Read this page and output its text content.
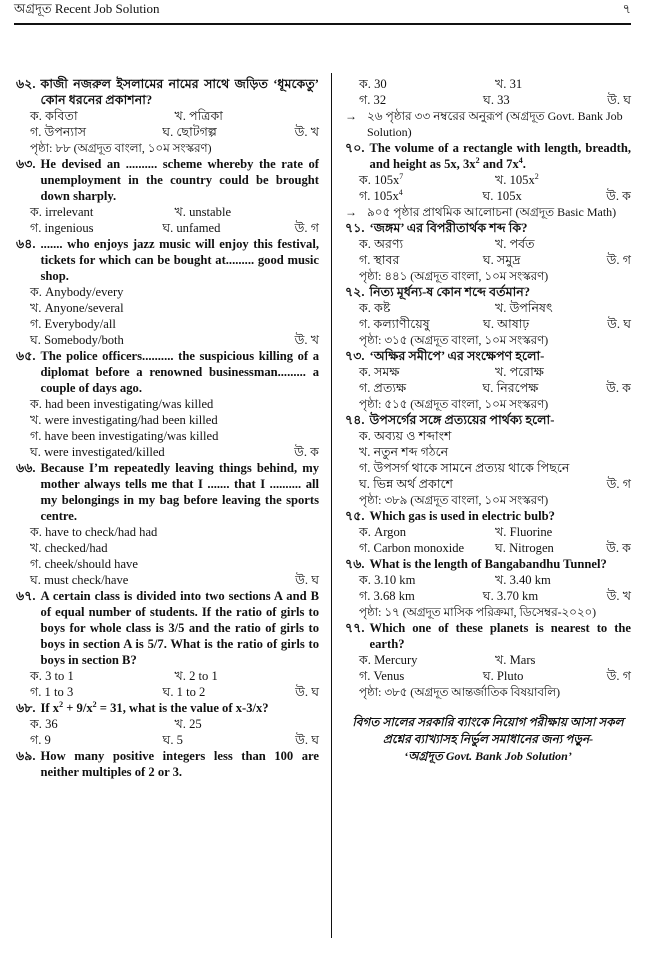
অগ্রদূত Recent Job Solution	৭
৬২. কাজী নজরুল ইসলামের নামের সাথে জড়িত ‘ধূমকেতু’ কোন ধরনের প্রকাশনা?
ক. কবিতা	খ. পত্রিকা
গ. উপন্যাস	ঘ. ছোটগল্প	উ. খ
পৃষ্ঠা: ৮৮ (অগ্রদূত বাংলা, ১০ম সংস্করণ)
৬৩. He devised an .......... scheme whereby the rate of unemployment in the country could be brought down sharply.
ক. irrelevant	খ. unstable
গ. ingenious	ঘ. unfamed	উ. গ
৬৪. ....... who enjoys jazz music will enjoy this festival, tickets for which can be bought at......... good music shop.
ক. Anybody/every
খ. Anyone/several
গ. Everybody/all
ঘ. Somebody/both	উ. খ
৬৫. The police officers.......... the suspicious killing of a diplomat before a renowned businessman......... a couple of days ago.
ক. had been investigating/was killed
খ. were investigating/had been killed
গ. have been investigating/was killed
ঘ. were investigated/killed	উ. ক
৬৬. Because I’m repeatedly leaving things behind, my mother always tells me that I ....... that I .......... all my belongings in my bag before leaving the sports centre.
ক. have to check/had had
খ. checked/had
গ. cheek/should have
ঘ. must check/have	উ. ঘ
৬৭. A certain class is divided into two sections A and B of equal number of students. If the ratio of girls to boys for whole class is 3/5 and the ratio of girls to boys in section A is 5/7. What is the ratio of girls to boys in section B?
ক. 3 to 1	খ. 2 to 1
গ. 1 to 3	ঘ. 1 to 2	উ. ঘ
৬৮. If $x^2 + 9/x^2 = 31$, what is the value of x-3/x?
ক. 36	খ. 25
গ. 9	ঘ. 5	উ. ঘ
৬৯. How many positive integers less than 100 are neither multiples of 2 or 3.
ক. 30	খ. 31
গ. 32	ঘ. 33	উ. ঘ
→ ২৬ পৃষ্ঠার ৩৩ নম্বরের অনুরূপ (অগ্রদূত Govt. Bank Job Solution)
৭০. The volume of a rectangle with length, breadth, and height as 5x, $3x^2$ and $7x^4$.
ক. $105x^7$	খ. $105x^2$
গ. $105x^4$	ঘ. 105x	উ. ক
→ ৯০৫ পৃষ্ঠার প্রাথমিক আলোচনা (অগ্রদূত Basic Math)
৭১. ‘জঙ্গম’ এর বিপরীতার্থক শব্দ কি?
ক. অরণ্য	খ. পর্বত
গ. স্থাবর	ঘ. সমুদ্র	উ. গ
পৃষ্ঠা: ৪৪১ (অগ্রদূত বাংলা, ১০ম সংস্করণ)
৭২. নিত্য মূর্ধন্য-ষ কোন শব্দে বর্তমান?
ক. কষ্ট	খ. উপনিষৎ
গ. কল্যাণীয়েষু	ঘ. আষাঢ়	উ. ঘ
পৃষ্ঠা: ৩১৫ (অগ্রদূত বাংলা, ১০ম সংস্করণ)
৭৩. ‘অক্ষির সমীপে’ এর সংক্ষেপণ হলো-
ক. সমক্ষ	খ. পরোক্ষ
গ. প্রত্যক্ষ	ঘ. নিরপেক্ষ	উ. ক
পৃষ্ঠা: ৫১৫ (অগ্রদূত বাংলা, ১০ম সংস্করণ)
৭৪. উপসর্গের সঙ্গে প্রত্যয়ের পার্থক্য হলো-
ক. অব্যয় ও শব্দাংশ
খ. নতুন শব্দ গঠনে
গ. উপসর্গ থাকে সামনে প্রত্যয় থাকে পিছনে
ঘ. ভিন্ন অর্থ প্রকাশে	উ. গ
পৃষ্ঠা: ৩৮৯ (অগ্রদূত বাংলা, ১০ম সংস্করণ)
৭৫. Which gas is used in electric bulb?
ক. Argon	খ. Fluorine
গ. Carbon monoxide	ঘ. Nitrogen	উ. ক
৭৬. What is the length of Bangabandhu Tunnel?
ক. 3.10 km	খ. 3.40 km
গ. 3.68 km	ঘ. 3.70 km	উ. খ
পৃষ্ঠা: ১৭ (অগ্রদূত মাসিক পরিক্রমা, ডিসেম্বর-২০২০)
৭৭. Which one of these planets is nearest to the earth?
ক. Mercury	খ. Mars
গ. Venus	ঘ. Pluto	উ. গ
পৃষ্ঠা: ৩৮৫ (অগ্রদূত আন্তর্জাতিক বিষয়াবলি)
বিগত সালের সরকারি ব্যাংকে নিয়োগ পরীক্ষায় আসা সকল
প্রশ্নের ব্যাখ্যাসহ নির্ভুল সমাধানের জন্য পড়ুন-
‘অগ্রদূত Govt. Bank Job Solution’
